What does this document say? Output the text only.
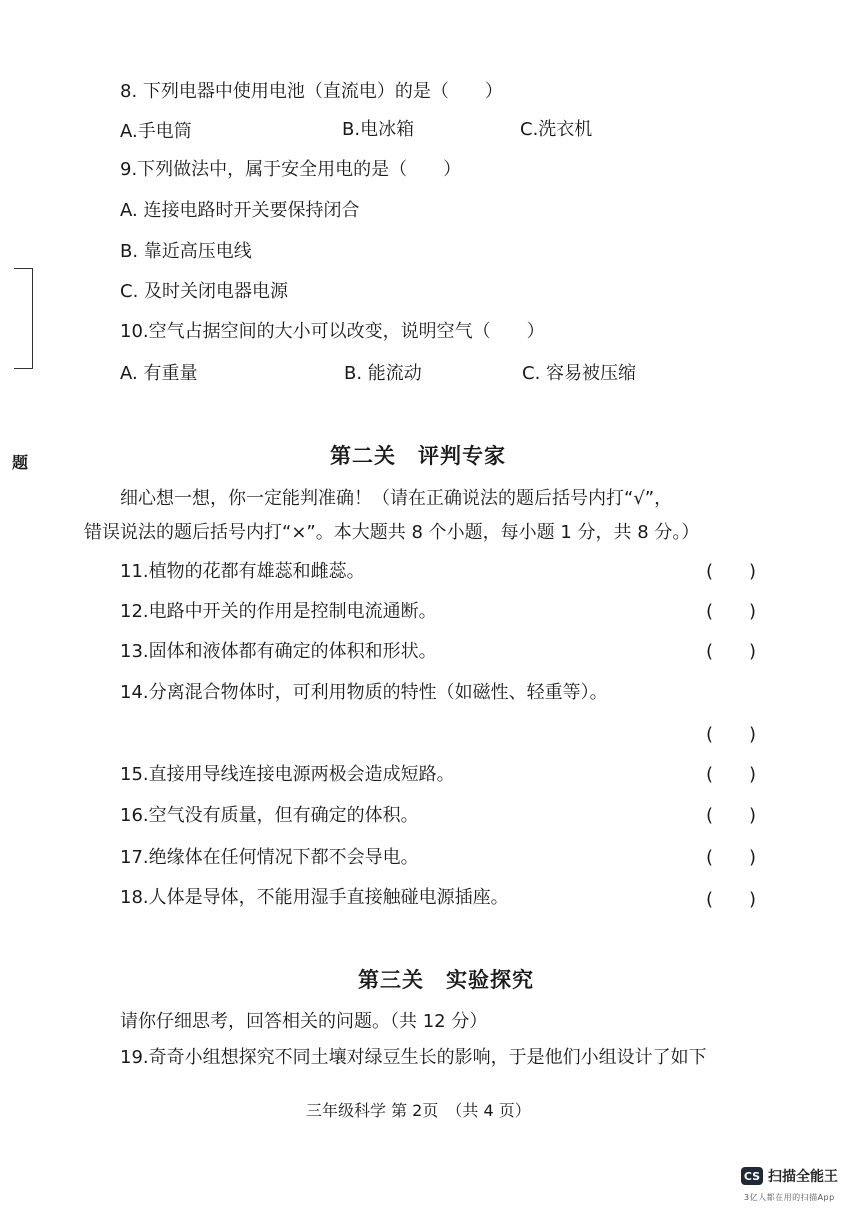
题
8. 下列电器中使用电池（直流电）的是（　　）
A.手电筒	B.电冰箱	C.洗衣机
9.下列做法中，属于安全用电的是（　　）
A. 连接电路时开关要保持闭合
B. 靠近高压电线
C. 及时关闭电器电源
10.空气占据空间的大小可以改变，说明空气（　　）
A. 有重量	B. 能流动	C. 容易被压缩
第二关　评判专家
细心想一想，你一定能判准确！（请在正确说法的题后括号内打“√”，
错误说法的题后括号内打“×”。本大题共 8 个小题，每小题 1 分，共 8 分。）
11.植物的花都有雄蕊和雌蕊。	(　　)
12.电路中开关的作用是控制电流通断。	(　　)
13.固体和液体都有确定的体积和形状。	(　　)
14.分离混合物体时，可利用物质的特性（如磁性、轻重等）。
(　　)
15.直接用导线连接电源两极会造成短路。	(　　)
16.空气没有质量，但有确定的体积。	(　　)
17.绝缘体在任何情况下都不会导电。	(　　)
18.人体是导体，不能用湿手直接触碰电源插座。	(　　)
第三关　实验探究
请你仔细思考，回答相关的问题。（共 12 分）
19.奇奇小组想探究不同土壤对绿豆生长的影响，于是他们小组设计了如下
三年级科学 第 2页　（共 4 页）
CS 扫描全能王
3亿人都在用的扫描App
